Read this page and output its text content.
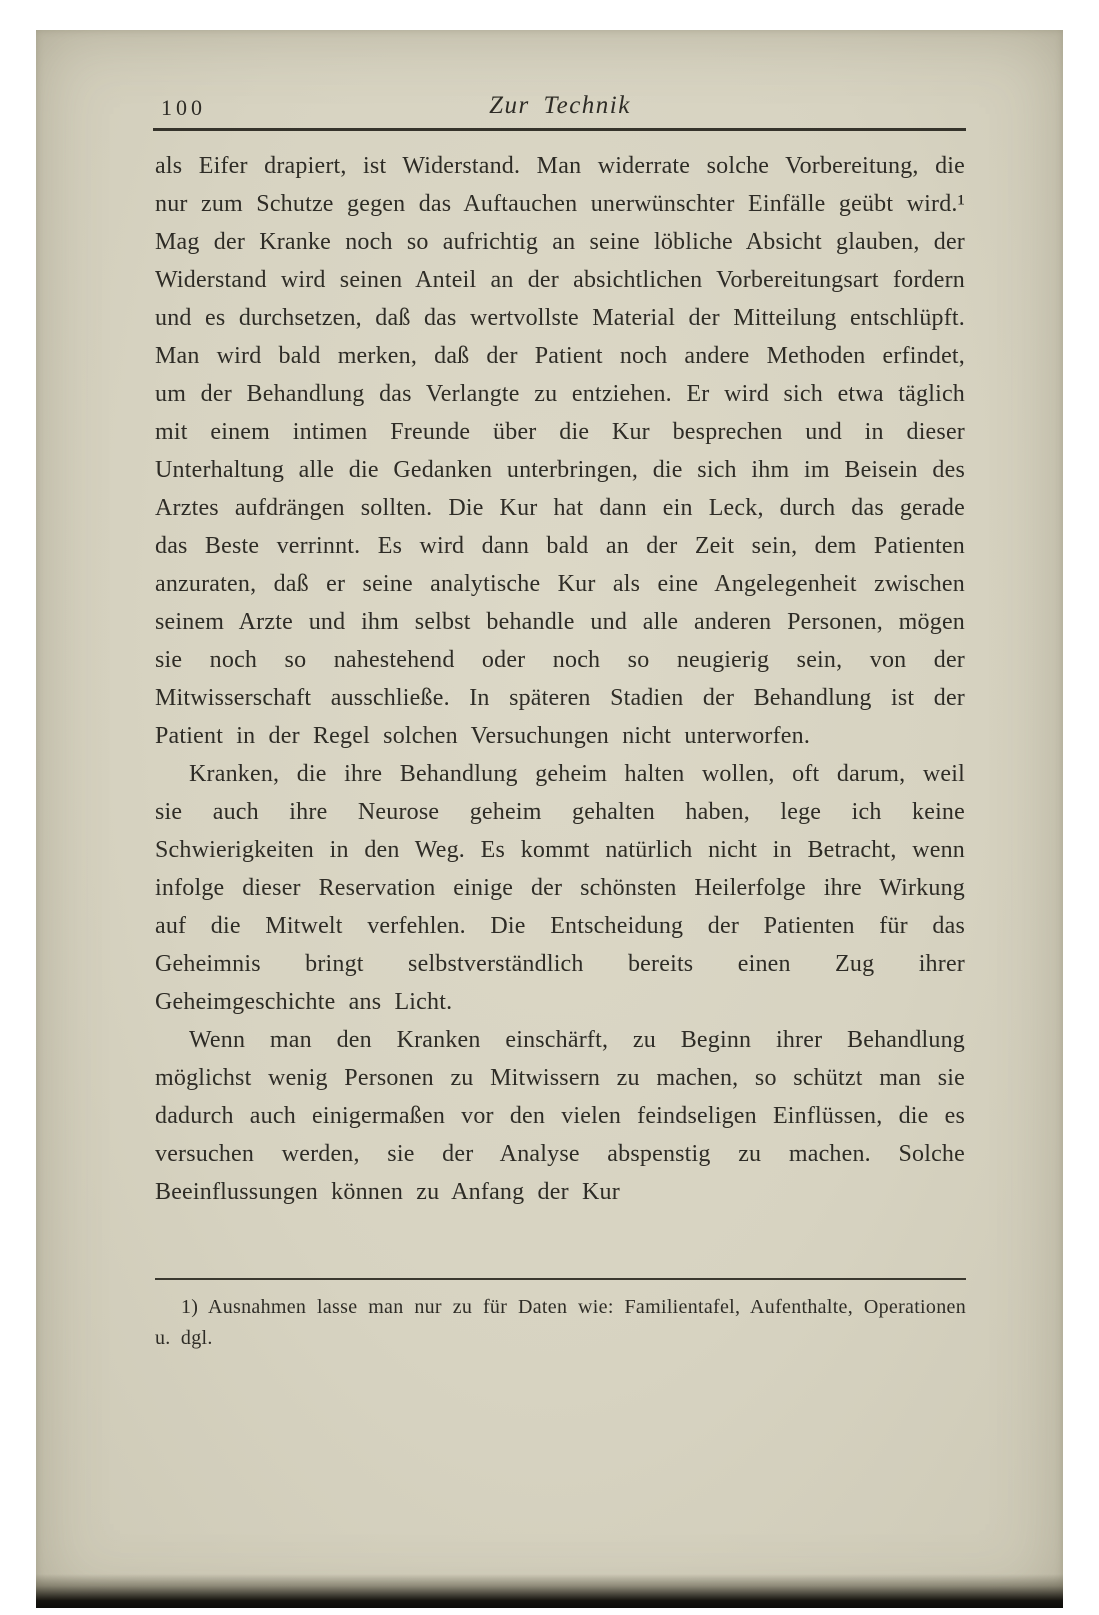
100	Zur Technik

als Eifer drapiert, ist Widerstand. Man widerrate solche Vorbereitung, die nur zum Schutze gegen das Auftauchen unerwünschter Einfälle geübt wird.¹ Mag der Kranke noch so aufrichtig an seine löbliche Absicht glauben, der Widerstand wird seinen Anteil an der absichtlichen Vorbereitungsart fordern und es durchsetzen, daß das wertvollste Material der Mitteilung entschlüpft. Man wird bald merken, daß der Patient noch andere Methoden erfindet, um der Behandlung das Verlangte zu entziehen. Er wird sich etwa täglich mit einem intimen Freunde über die Kur besprechen und in dieser Unterhaltung alle die Gedanken unterbringen, die sich ihm im Beisein des Arztes aufdrängen sollten. Die Kur hat dann ein Leck, durch das gerade das Beste verrinnt. Es wird dann bald an der Zeit sein, dem Patienten anzuraten, daß er seine analytische Kur als eine Angelegenheit zwischen seinem Arzte und ihm selbst behandle und alle anderen Personen, mögen sie noch so nahestehend oder noch so neugierig sein, von der Mitwisserschaft ausschließe. In späteren Stadien der Behandlung ist der Patient in der Regel solchen Versuchungen nicht unterworfen.

Kranken, die ihre Behandlung geheim halten wollen, oft darum, weil sie auch ihre Neurose geheim gehalten haben, lege ich keine Schwierigkeiten in den Weg. Es kommt natürlich nicht in Betracht, wenn infolge dieser Reservation einige der schönsten Heilerfolge ihre Wirkung auf die Mitwelt verfehlen. Die Entscheidung der Patienten für das Geheimnis bringt selbstverständlich bereits einen Zug ihrer Geheimgeschichte ans Licht.

Wenn man den Kranken einschärft, zu Beginn ihrer Behandlung möglichst wenig Personen zu Mitwissern zu machen, so schützt man sie dadurch auch einigermaßen vor den vielen feindseligen Einflüssen, die es versuchen werden, sie der Analyse abspenstig zu machen. Solche Beeinflussungen können zu Anfang der Kur

1) Ausnahmen lasse man nur zu für Daten wie: Familientafel, Aufenthalte, Operationen u. dgl.
